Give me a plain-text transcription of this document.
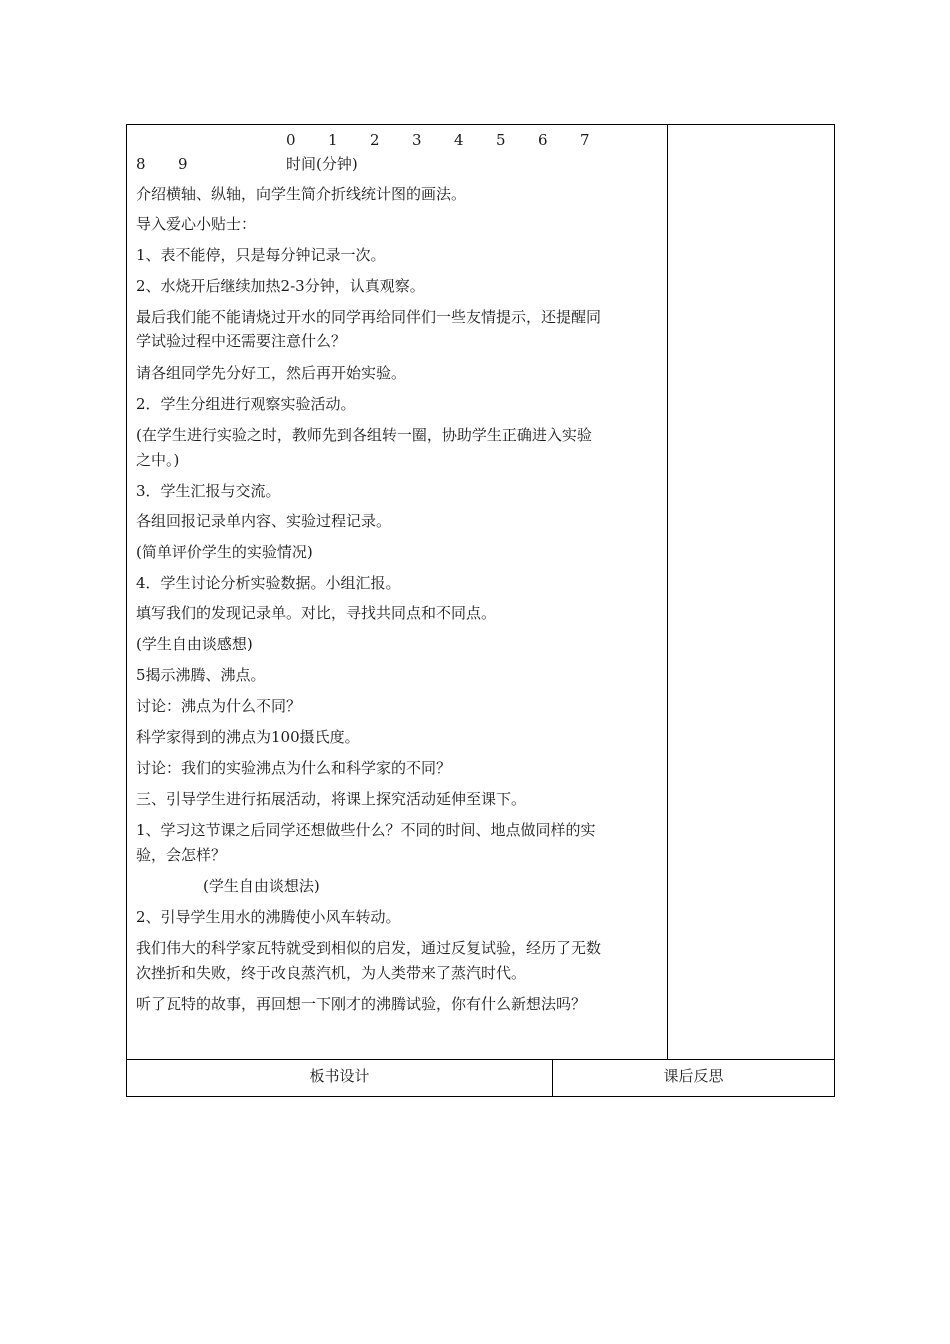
0 1 2 3 4 5 6 7
8 9	时间(分钟)
介绍横轴、纵轴，向学生简介折线统计图的画法。
导入爱心小贴士：
1、表不能停，只是每分钟记录一次。
2、水烧开后继续加热2-3分钟，认真观察。
最后我们能不能请烧过开水的同学再给同伴们一些友情提示，还提醒同
学试验过程中还需要注意什么？
请各组同学先分好工，然后再开始实验。
2．学生分组进行观察实验活动。
(在学生进行实验之时，教师先到各组转一圈，协助学生正确进入实验
之中。)
3．学生汇报与交流。
各组回报记录单内容、实验过程记录。
(简单评价学生的实验情况)
4．学生讨论分析实验数据。小组汇报。
填写我们的发现记录单。对比，寻找共同点和不同点。
(学生自由谈感想)
5揭示沸腾、沸点。
讨论：沸点为什么不同？
科学家得到的沸点为100摄氏度。
讨论：我们的实验沸点为什么和科学家的不同？
三、引导学生进行拓展活动，将课上探究活动延伸至课下。
1、学习这节课之后同学还想做些什么？不同的时间、地点做同样的实
验，会怎样？
(学生自由谈想法)
2、引导学生用水的沸腾使小风车转动。
我们伟大的科学家瓦特就受到相似的启发，通过反复试验，经历了无数
次挫折和失败，终于改良蒸汽机，为人类带来了蒸汽时代。
听了瓦特的故事，再回想一下刚才的沸腾试验，你有什么新想法吗？
板书设计	课后反思
